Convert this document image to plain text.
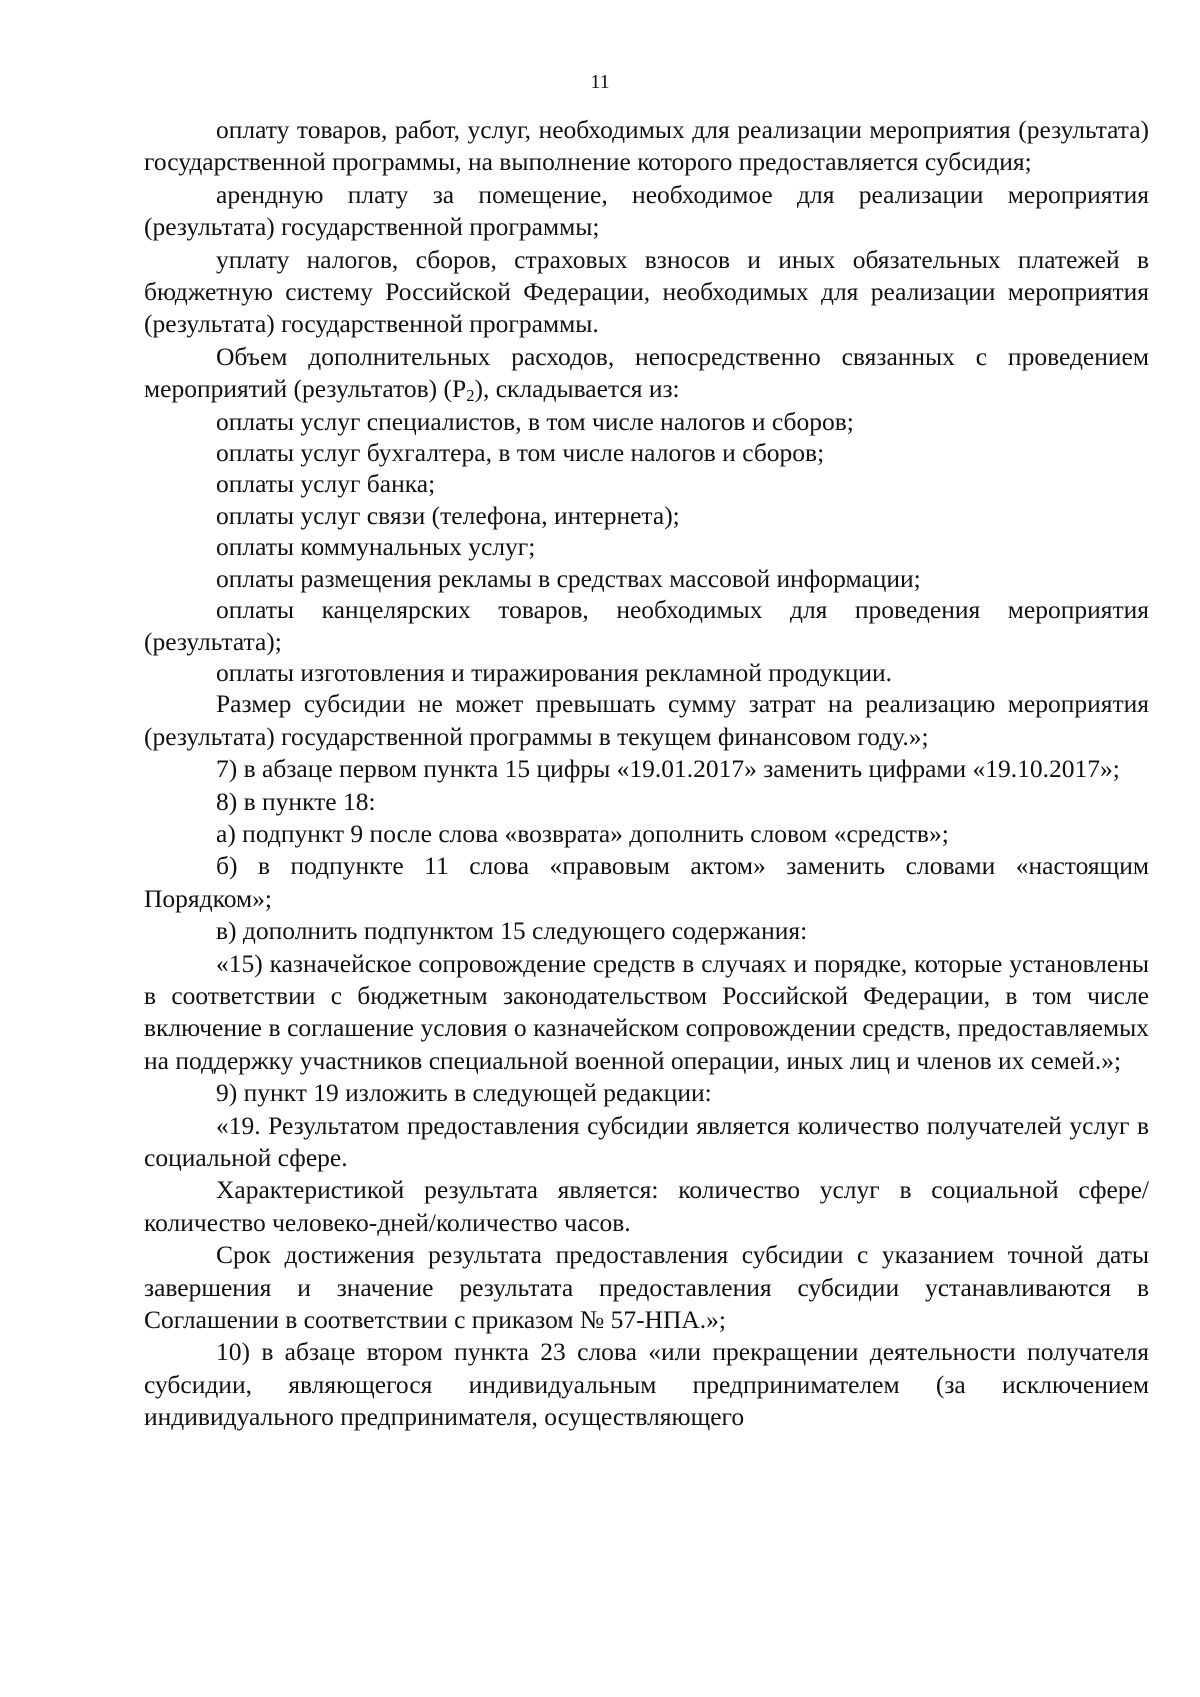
11

оплату товаров, работ, услуг, необходимых для реализации мероприятия (результата) государственной программы, на выполнение которого предоставляется субсидия;

арендную плату за помещение, необходимое для реализации мероприятия (результата) государственной программы;

уплату налогов, сборов, страховых взносов и иных обязательных платежей в бюджетную систему Российской Федерации, необходимых для реализации мероприятия (результата) государственной программы.

Объем дополнительных расходов, непосредственно связанных с проведением мероприятий (результатов) $(Р_2)$, складывается из:

оплаты услуг специалистов, в том числе налогов и сборов;

оплаты услуг бухгалтера, в том числе налогов и сборов;

оплаты услуг банка;

оплаты услуг связи (телефона, интернета);

оплаты коммунальных услуг;

оплаты размещения рекламы в средствах массовой информации;

оплаты канцелярских товаров, необходимых для проведения мероприятия (результата);

оплаты изготовления и тиражирования рекламной продукции.

Размер субсидии не может превышать сумму затрат на реализацию мероприятия (результата) государственной программы в текущем финансовом году.»;

7) в абзаце первом пункта 15 цифры «19.01.2017» заменить цифрами «19.10.2017»;

8) в пункте 18:

а) подпункт 9 после слова «возврата» дополнить словом «средств»;

б) в подпункте 11 слова «правовым актом» заменить словами «настоящим Порядком»;

в) дополнить подпунктом 15 следующего содержания:

«15) казначейское сопровождение средств в случаях и порядке, которые установлены в соответствии с бюджетным законодательством Российской Федерации, в том числе включение в соглашение условия о казначейском сопровождении средств, предоставляемых на поддержку участников специальной военной операции, иных лиц и членов их семей.»;

9) пункт 19 изложить в следующей редакции:

«19. Результатом предоставления субсидии является количество получателей услуг в социальной сфере.

Характеристикой результата является: количество услуг в социальной сфере/количество человеко-дней/количество часов.

Срок достижения результата предоставления субсидии с указанием точной даты завершения и значение результата предоставления субсидии устанавливаются в Соглашении в соответствии с приказом № 57-НПА.»;

10) в абзаце втором пункта 23 слова «или прекращении деятельности получателя субсидии, являющегося индивидуальным предпринимателем (за исключением индивидуального предпринимателя, осуществляющего
